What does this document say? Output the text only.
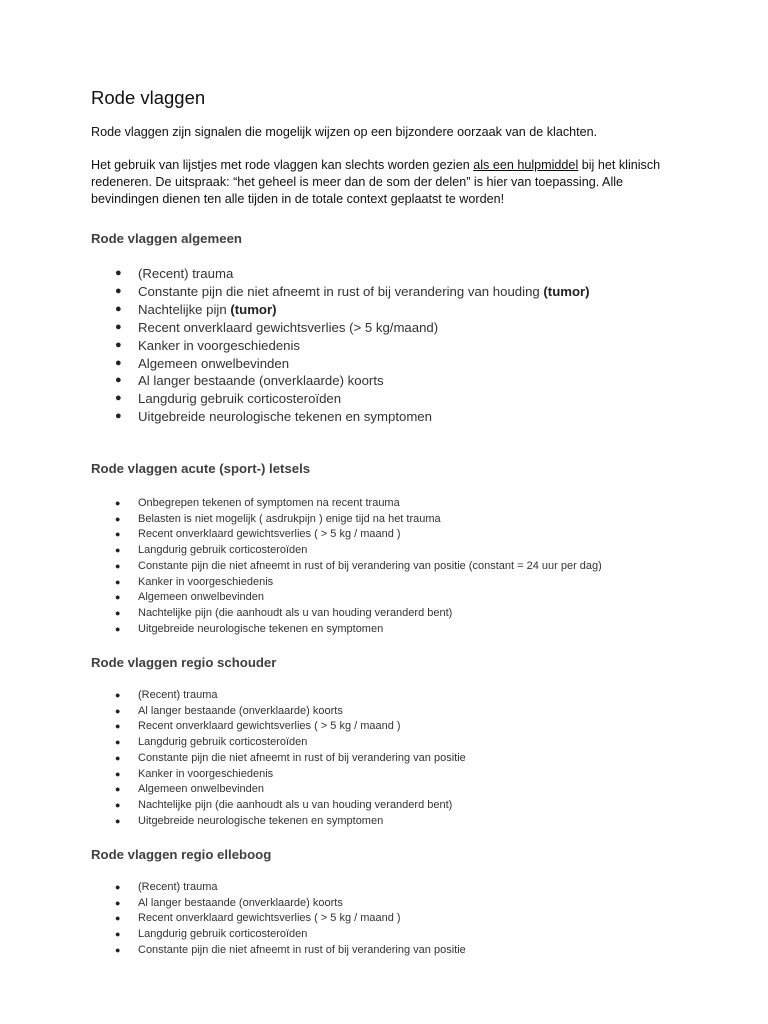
Rode vlaggen

Rode vlaggen zijn signalen die mogelijk wijzen op een bijzondere oorzaak van de klachten.

Het gebruik van lijstjes met rode vlaggen kan slechts worden gezien als een hulpmiddel bij het klinisch
redeneren. De uitspraak: “het geheel is meer dan de som der delen” is hier van toepassing. Alle
bevindingen dienen ten alle tijden in de totale context geplaatst te worden!

Rode vlaggen algemeen
● (Recent) trauma
● Constante pijn die niet afneemt in rust of bij verandering van houding (tumor)
● Nachtelijke pijn (tumor)
● Recent onverklaard gewichtsverlies (> 5 kg/maand)
● Kanker in voorgeschiedenis
● Algemeen onwelbevinden
● Al langer bestaande (onverklaarde) koorts
● Langdurig gebruik corticosteroïden
● Uitgebreide neurologische tekenen en symptomen
Rode vlaggen acute (sport-) letsels
● Onbegrepen tekenen of symptomen na recent trauma
● Belasten is niet mogelijk ( asdrukpijn ) enige tijd na het trauma
● Recent onverklaard gewichtsverlies ( > 5 kg / maand )
● Langdurig gebruik corticosteroïden
● Constante pijn die niet afneemt in rust of bij verandering van positie (constant = 24 uur per dag)
● Kanker in voorgeschiedenis
● Algemeen onwelbevinden
● Nachtelijke pijn (die aanhoudt als u van houding veranderd bent)
● Uitgebreide neurologische tekenen en symptomen
Rode vlaggen regio schouder
● (Recent) trauma
● Al langer bestaande (onverklaarde) koorts
● Recent onverklaard gewichtsverlies ( > 5 kg / maand )
● Langdurig gebruik corticosteroïden
● Constante pijn die niet afneemt in rust of bij verandering van positie
● Kanker in voorgeschiedenis
● Algemeen onwelbevinden
● Nachtelijke pijn (die aanhoudt als u van houding veranderd bent)
● Uitgebreide neurologische tekenen en symptomen
Rode vlaggen regio elleboog
● (Recent) trauma
● Al langer bestaande (onverklaarde) koorts
● Recent onverklaard gewichtsverlies ( > 5 kg / maand )
● Langdurig gebruik corticosteroïden
● Constante pijn die niet afneemt in rust of bij verandering van positie
